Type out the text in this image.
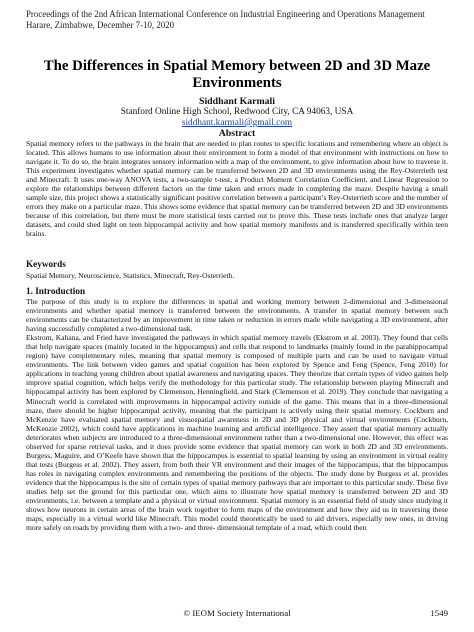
Proceedings of the 2nd African International Conference on Industrial Engineering and Operations Management
Harare, Zimbabwe, December 7-10, 2020
The Differences in Spatial Memory between 2D and 3D Maze Environments
Siddhant Karmali
Stanford Online High School, Redwood City, CA 94063, USA
siddhant.karmali@gmail.com
Abstract

Spatial memory refers to the pathways in the brain that are needed to plan routes to specific locations and remembering where an object is located. This allows humans to use information about their environment to form a model of that environment with instructions on how to navigate it. To do so, the brain integrates sensory information with a map of the environment, to give information about how to traverse it. This experiment investigates whether spatial memory can be transferred between 2D and 3D environments using the Rey-Osterrieth test and Minecraft. It uses one-way ANOVA tests, a two-sample t-test, a Product Moment Correlation Coefficient, and Linear Regression to explore the relationships between different factors on the time taken and errors made in completing the maze. Despite having a small sample size, this project shows a statistically significant positive correlation between a participant’s Rey-Osterrieth score and the number of errors they make on a particular maze. This shows some evidence that spatial memory can be transferred between 2D and 3D environments because of this correlation, but there must be more statistical tests carried out to prove this. These tests include ones that analyze larger datasets, and could shed light on teen hippocampal activity and how spatial memory manifests and is transferred specifically within teen brains.

Keywords

Spatial Memory, Neuroscience, Statistics, Minecraft, Rey-Osterrieth.

1. Introduction

The purpose of this study is to explore the differences in spatial and working memory between 2-dimensional and 3-dimensional environments and whether spatial memory is transferred between the environments. A transfer in spatial memory between such environments can be characterized by an improvement in time taken or reduction in errors made while navigating a 3D environment, after having successfully completed a two-dimensional task.

Ekstrom, Kahana, and Fried have investigated the pathways in which spatial memory travels (Ekstrom et al. 2003). They found that cells that help navigate spaces (mainly located in the hippocampus) and cells that respond to landmarks (mainly found in the parahippocampal region) have complementary roles, meaning that spatial memory is composed of multiple parts and can be used to navigate virtual environments. The link between video games and spatial cognition has been explored by Spence and Feng (Spence, Feng 2010) for applications in teaching young children about spatial awareness and navigating spaces. They theorize that certain types of video games help improve spatial cognition, which helps verify the methodology for this particular study. The relationship between playing Minecraft and hippocampal activity has been explored by Clemenson, Henningfield, and Stark (Clemenson et al. 2019). They conclude that navigating a Minecraft world is correlated with improvements in hippocampal activity outside of the game. This means that in a three-dimensional maze, there should be higher hippocampal activity, meaning that the participant is actively using their spatial memory. Cockburn and McKenzie have evaluated spatial memory and visuospatial awareness in 2D and 3D physical and virtual environments (Cockburn, McKenzie 2002), which could have applications in machine learning and artificial intelligence. They assert that spatial memory actually deteriorates when subjects are introduced to a three-dimensional environment rather than a two-dimensional one. However, this effect was observed for sparse retrieval tasks, and it does provide some evidence that spatial memory can work in both 2D and 3D environments. Burgess, Maguire, and O’Keefe have shown that the hippocampus is essential to spatial learning by using an environment in virtual reality that tests (Burgess et al. 2002). They assert, from both their VR environment and their images of the hippocampus, that the hippocampus has roles in navigating complex environments and remembering the positions of the objects. The study done by Burgess et al. provides evidence that the hippocampus is the site of certain types of spatial memory pathways that are important to this particular study. These five studies help set the ground for this particular one, which aims to illustrate how spatial memory is transferred between 2D and 3D environments, i.e. between a template and a physical or virtual environment. Spatial memory is an essential field of study since studying it shows how neurons in certain areas of the brain work together to form maps of the environment and how they aid us in traversing these maps, especially in a virtual world like Minecraft. This model could theoretically be used to aid drivers, especially new ones, in driving more safely on roads by providing them with a two- and three- dimensional template of a road, which could then

© IEOM Society International	1549
